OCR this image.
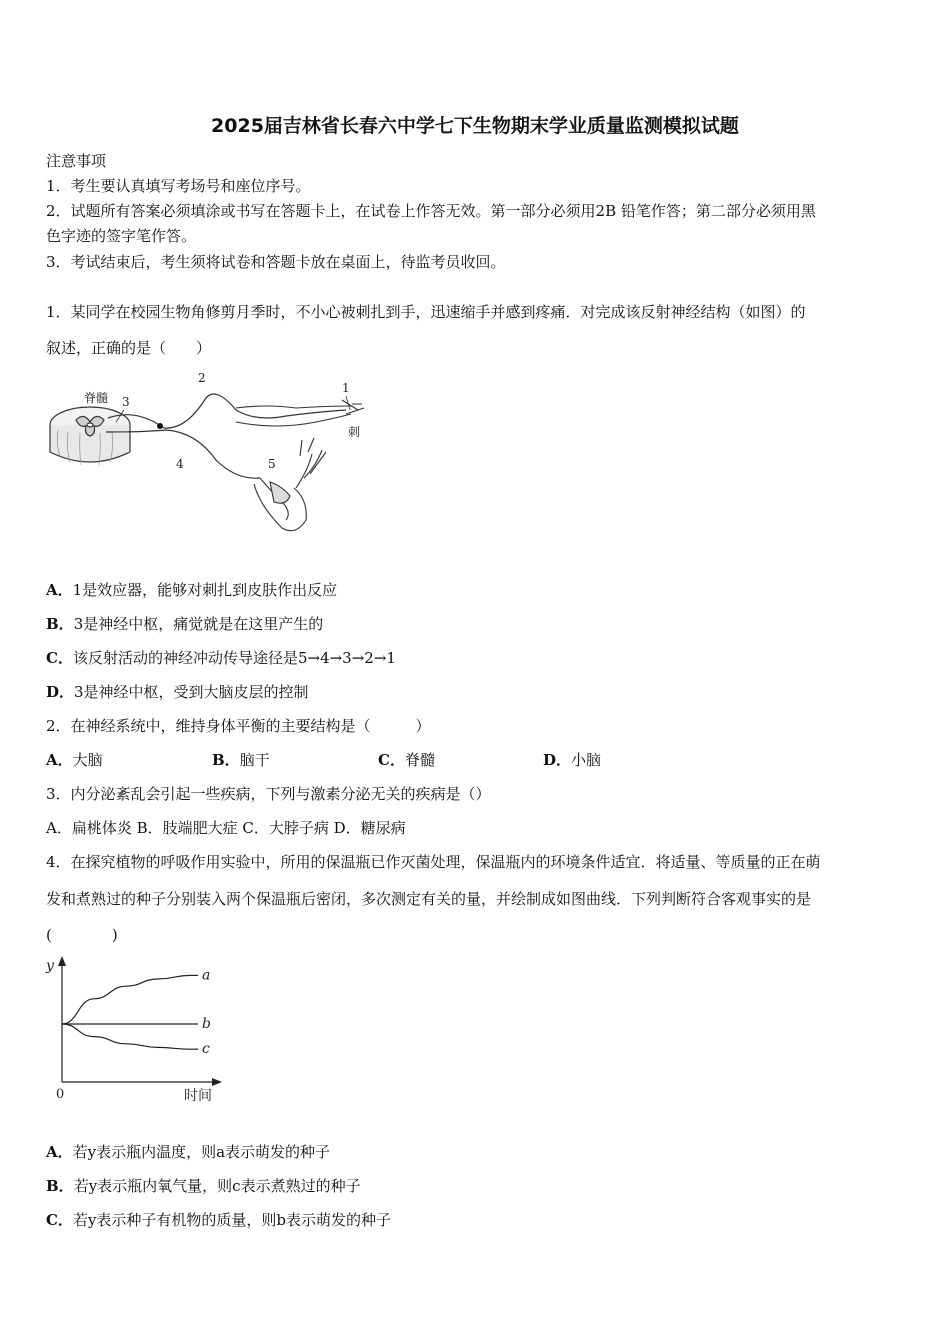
2025届吉林省长春六中学七下生物期末学业质量监测模拟试题
注意事项
1．考生要认真填写考场号和座位序号。
2．试题所有答案必须填涂或书写在答题卡上，在试卷上作答无效。第一部分必须用2B 铅笔作答；第二部分必须用黑
色字迹的签字笔作答。
3．考试结束后，考生须将试卷和答题卡放在桌面上，待监考员收回。
1．某同学在校园生物角修剪月季时，不小心被刺扎到手，迅速缩手并感到疼痛．对完成该反射神经结构（如图）的
叙述，正确的是（　　）
脊髓
1
2
3
4	5
刺
A．1是效应器，能够对刺扎到皮肤作出反应
B．3是神经中枢，痛觉就是在这里产生的
C．该反射活动的神经冲动传导途径是5→4→3→2→1
D．3是神经中枢，受到大脑皮层的控制
2．在神经系统中，维持身体平衡的主要结构是（　　　）
A．大脑	B．脑干	C．脊髓	D．小脑
3．内分泌紊乱会引起一些疾病，下列与激素分泌无关的疾病是（）
A．扁桃体炎 B．肢端肥大症 C．大脖子病 D．糖尿病
4．在探究植物的呼吸作用实验中，所用的保温瓶已作灭菌处理，保温瓶内的环境条件适宜．将适量、等质量的正在萌
发和煮熟过的种子分别装入两个保温瓶后密闭，多次测定有关的量，并绘制成如图曲线．下列判断符合客观事实的是
(　　　　)
a
b
c
y
时间
0
A．若y表示瓶内温度，则a表示萌发的种子
B．若y表示瓶内氧气量，则c表示煮熟过的种子
C．若y表示种子有机物的质量，则b表示萌发的种子
